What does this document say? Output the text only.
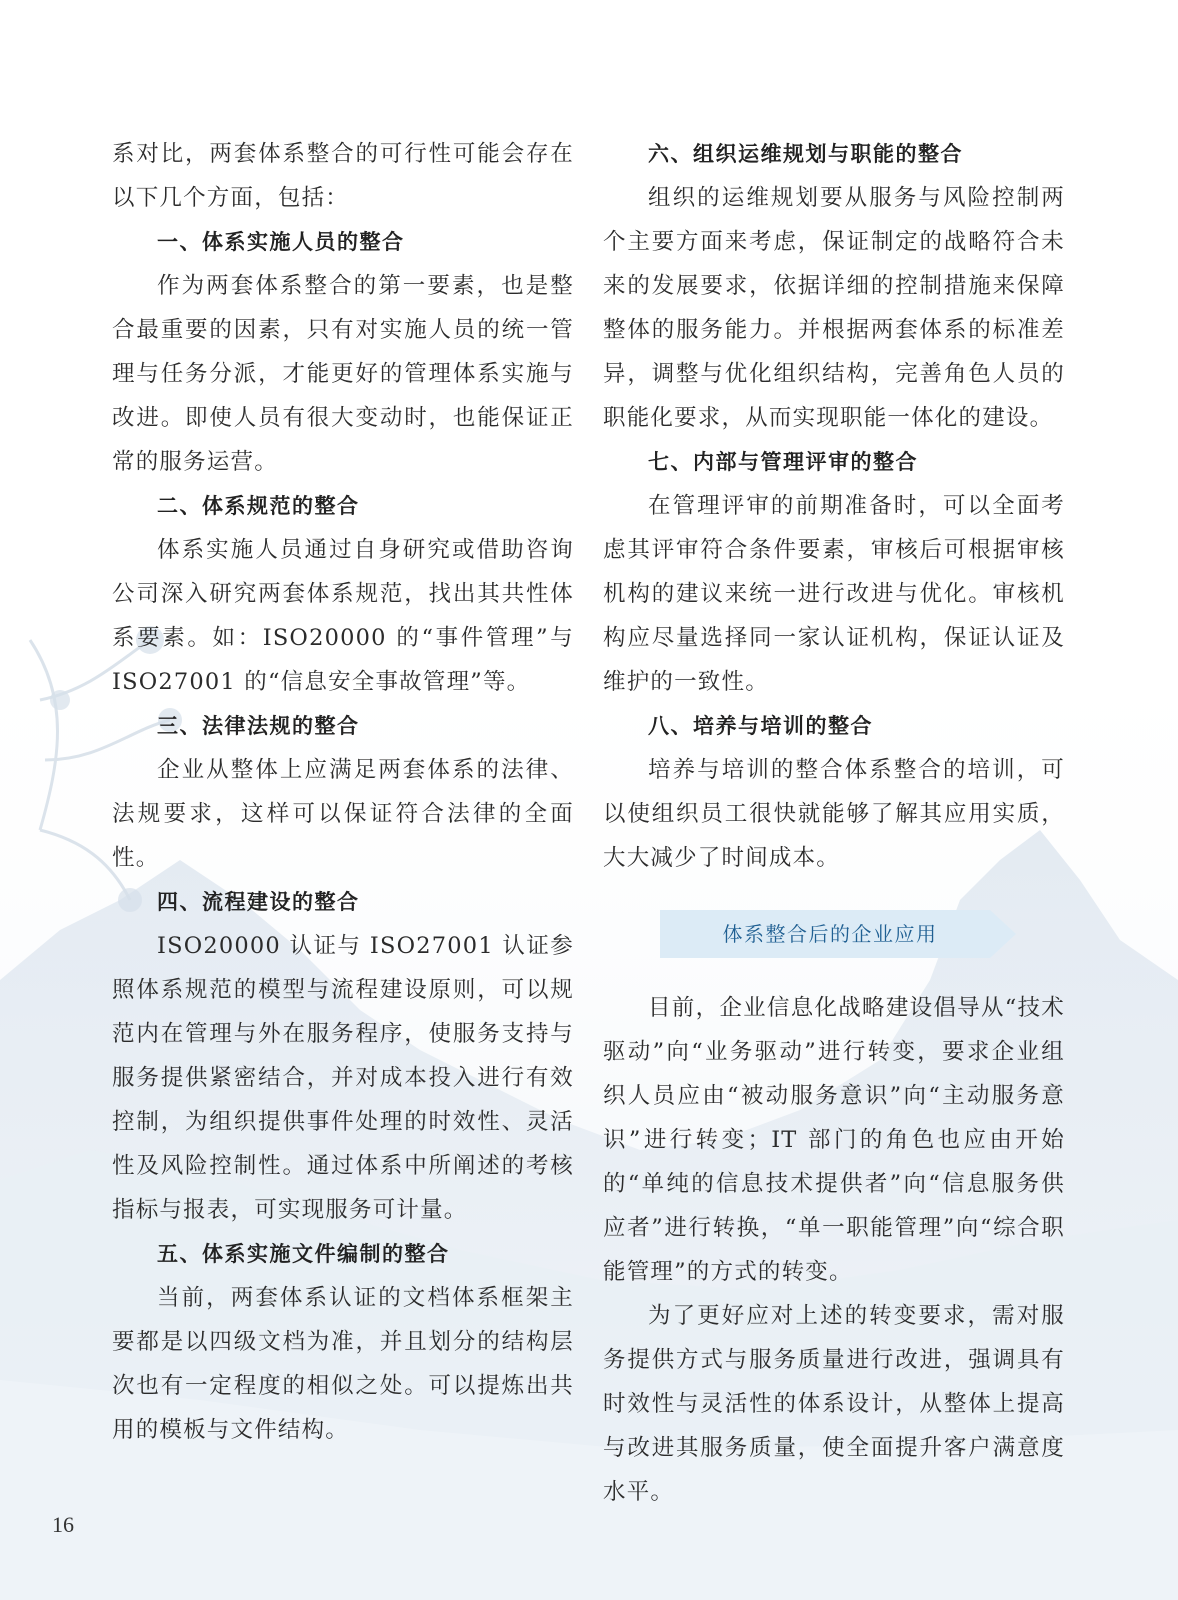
系对比，两套体系整合的可行性可能会存在以下几个方面，包括：

一、体系实施人员的整合

作为两套体系整合的第一要素，也是整合最重要的因素，只有对实施人员的统一管理与任务分派，才能更好的管理体系实施与改进。即使人员有很大变动时，也能保证正常的服务运营。

二、体系规范的整合

体系实施人员通过自身研究或借助咨询公司深入研究两套体系规范，找出其共性体系要素。如：ISO20000 的“事件管理”与 ISO27001 的“信息安全事故管理”等。

三、法律法规的整合

企业从整体上应满足两套体系的法律、法规要求，这样可以保证符合法律的全面性。

四、流程建设的整合

ISO20000 认证与 ISO27001 认证参照体系规范的模型与流程建设原则，可以规范内在管理与外在服务程序，使服务支持与服务提供紧密结合，并对成本投入进行有效控制，为组织提供事件处理的时效性、灵活性及风险控制性。通过体系中所阐述的考核指标与报表，可实现服务可计量。

五、体系实施文件编制的整合

当前，两套体系认证的文档体系框架主要都是以四级文档为准，并且划分的结构层次也有一定程度的相似之处。可以提炼出共用的模板与文件结构。

六、组织运维规划与职能的整合

组织的运维规划要从服务与风险控制两个主要方面来考虑，保证制定的战略符合未来的发展要求，依据详细的控制措施来保障整体的服务能力。并根据两套体系的标准差异，调整与优化组织结构，完善角色人员的职能化要求，从而实现职能一体化的建设。

七、内部与管理评审的整合

在管理评审的前期准备时，可以全面考虑其评审符合条件要素，审核后可根据审核机构的建议来统一进行改进与优化。审核机构应尽量选择同一家认证机构，保证认证及维护的一致性。

八、培养与培训的整合

培养与培训的整合体系整合的培训，可以使组织员工很快就能够了解其应用实质，大大减少了时间成本。

体系整合后的企业应用

目前，企业信息化战略建设倡导从“技术驱动”向“业务驱动”进行转变，要求企业组织人员应由“被动服务意识”向“主动服务意识”进行转变；IT 部门的角色也应由开始的“单纯的信息技术提供者”向“信息服务供应者”进行转换，“单一职能管理”向“综合职能管理”的方式的转变。

为了更好应对上述的转变要求，需对服务提供方式与服务质量进行改进，强调具有时效性与灵活性的体系设计，从整体上提高与改进其服务质量，使全面提升客户满意度水平。

16
